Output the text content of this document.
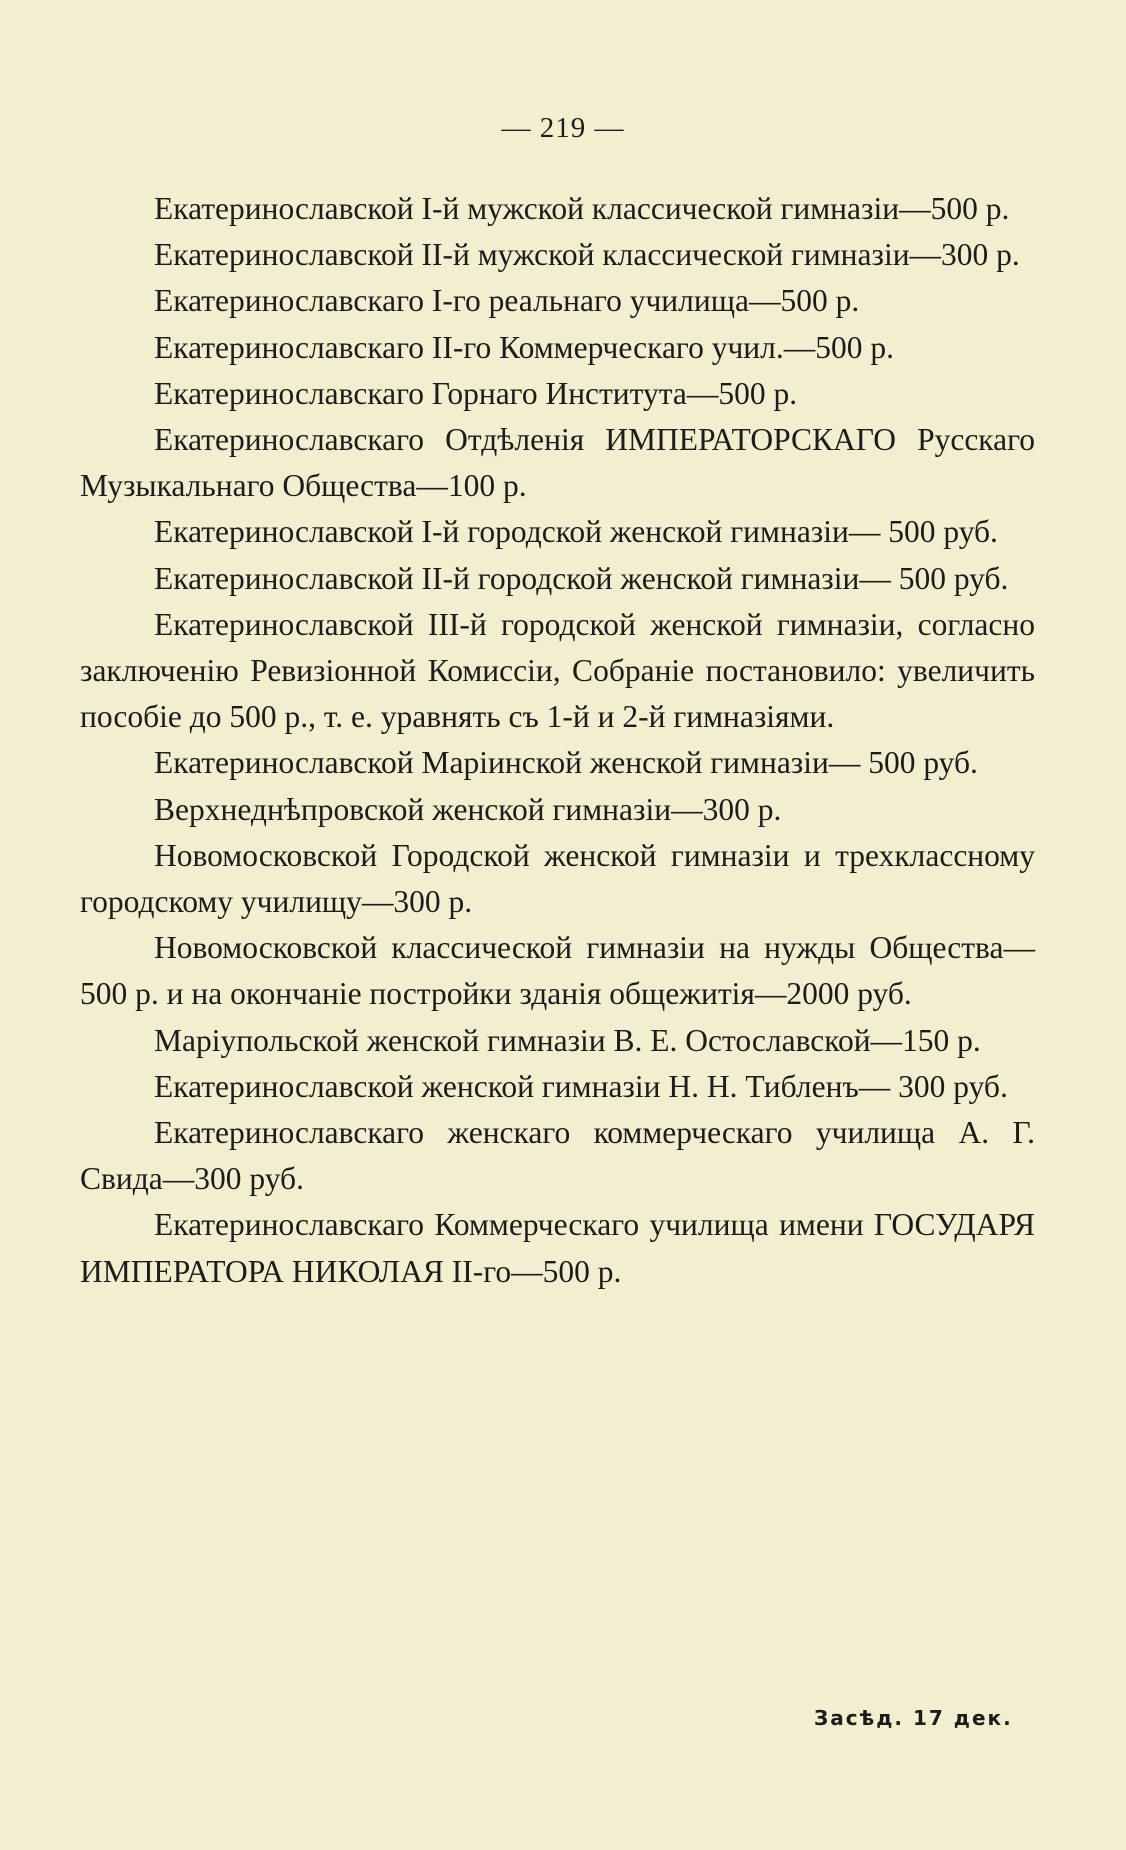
— 219 —

Екатеринославской I-й мужской классической гимназіи—500 р.

Екатеринославской II-й мужской классической гимназіи—300 р.

Екатеринославскаго I-го реальнаго училища—500 р.

Екатеринославскаго II-го Коммерческаго учил.—500 р.

Екатеринославскаго Горнаго Института—500 р.

Екатеринославскаго Отдѣленія ИМПЕРАТОРСКАГО Русскаго Музыкальнаго Общества—100 р.

Екатеринославской I-й городской женской гимназіи— 500 руб.

Екатеринославской II-й городской женской гимназіи— 500 руб.

Екатеринославской III-й городской женской гимназіи, согласно заключенію Ревизіонной Комиссіи, Собраніе постановило: увеличить пособіе до 500 р., т. е. уравнять съ 1-й и 2-й гимназіями.

Екатеринославской Маріинской женской гимназіи— 500 руб.

Верхнеднѣпровской женской гимназіи—300 р.

Новомосковской Городской женской гимназіи и трехклассному городскому училищу—300 р.

Новомосковской классической гимназіи на нужды Общества—500 р. и на окончаніе постройки зданія общежитія—2000 руб.

Маріупольской женской гимназіи В. Е. Остославской—150 р.

Екатеринославской женской гимназіи Н. Н. Тибленъ— 300 руб.

Екатеринославскаго женскаго коммерческаго училища А. Г. Свида—300 руб.

Екатеринославскаго Коммерческаго училища имени ГОСУДАРЯ ИМПЕРАТОРА НИКОЛАЯ II-го—500 р.

Засѣд. 17 дек.
